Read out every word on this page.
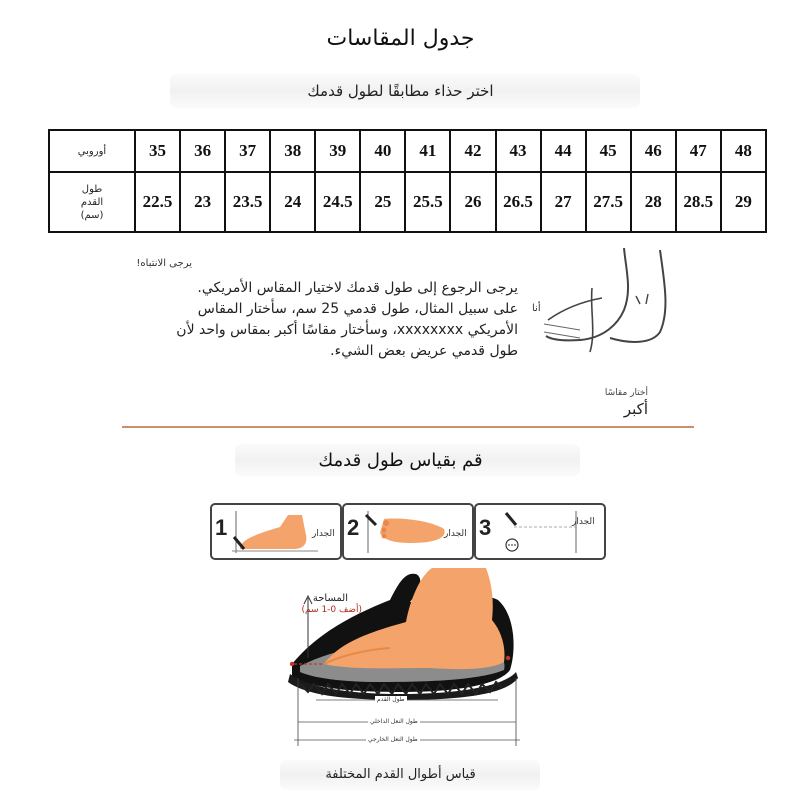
جدول المقاسات
اختر حذاء مطابقًا لطول قدمك
أوروبي	35	36	37	38	39	40	41	42	43	44	45	46	47	48

طول
القدم
(سم)	22.5	23	23.5	24	24.5	25	25.5	26	26.5	27	27.5	28	28.5	29
يرجى الانتباه!
يرجى الرجوع إلى طول قدمك لاختيار المقاس الأمريكي.
على سبيل المثال، طول قدمي 25 سم، سأختار المقاس
الأمريكي xxxxxxxx، وسأختار مقاسًا أكبر بمقاس واحد لأن
طول قدمي عريض بعض الشيء.
أنا
أختار مقاسًا
أكبر
قم بقياس طول قدمك
1	الجدار 2	الجدار 3	الجدار
المساحة
(أضف 0-1 سم)
طول القدم
طول النعل الداخلي
طول النعل الخارجي
قياس أطوال القدم المختلفة
